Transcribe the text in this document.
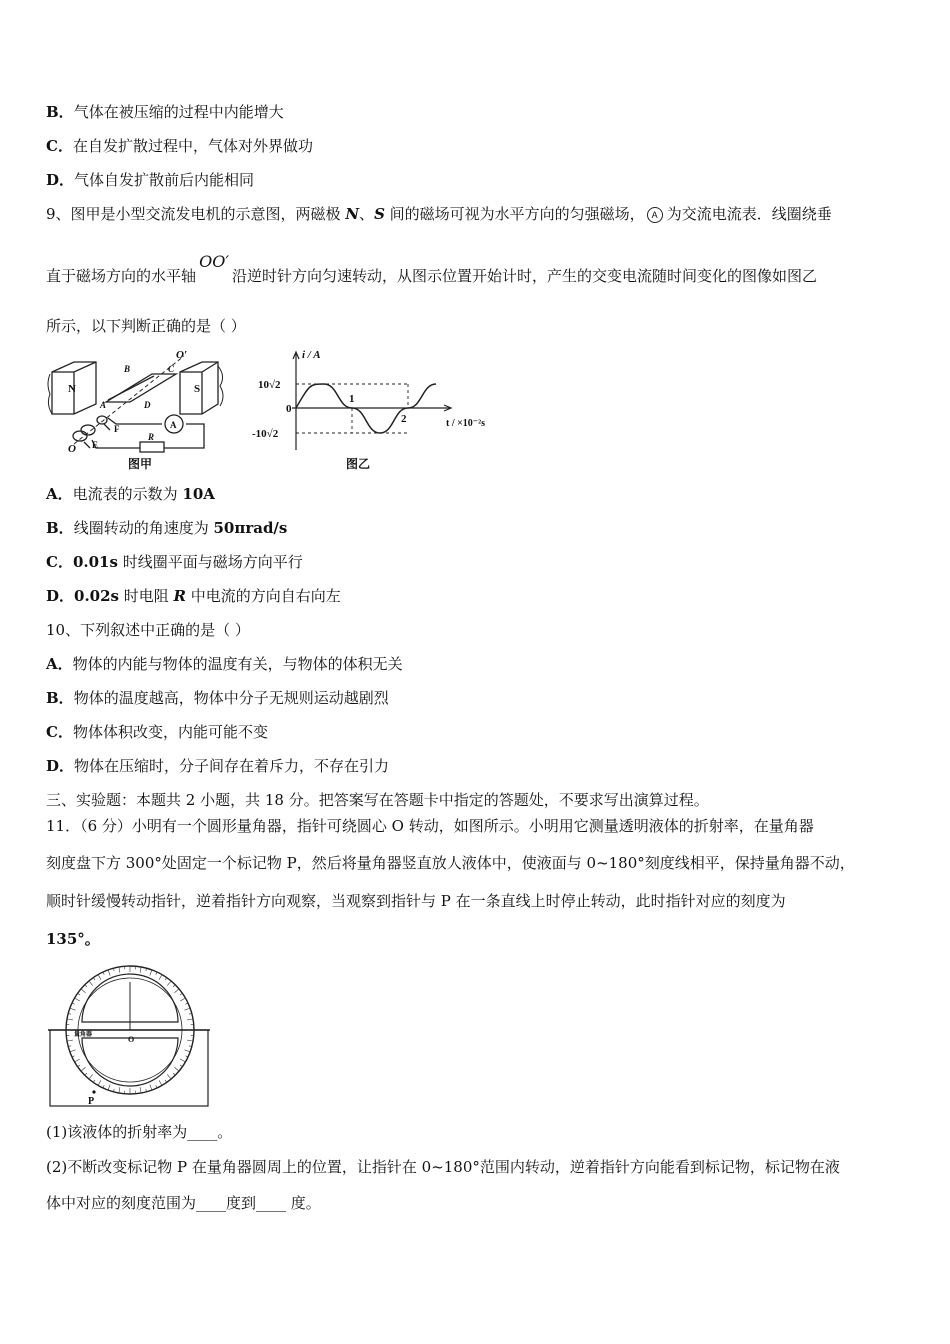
B．气体在被压缩的过程中内能增大
C．在自发扩散过程中，气体对外界做功
D．气体自发扩散前后内能相同
9、图甲是小型交流发电机的示意图，两磁极 N、S 间的磁场可视为水平方向的匀强磁场， A 为交流电流表．线圈绕垂
直于磁场方向的水平轴OO′沿逆时针方向匀速转动，从图示位置开始计时，产生的交变电流随时间变化的图像如图乙
所示，以下判断正确的是（ ）
N	S
O′
O
A
B	C
D
E
F
R
A
图甲
i / A
0
10√2
-10√2
1
2	t / ×10⁻²s
图乙
A．电流表的示数为 10A
B．线圈转动的角速度为 50πrad/s
C．0.01s 时线圈平面与磁场方向平行
D．0.02s 时电阻 R 中电流的方向自右向左
10、下列叙述中正确的是（ ）
A．物体的内能与物体的温度有关，与物体的体积无关
B．物体的温度越高，物体中分子无规则运动越剧烈
C．物体体积改变，内能可能不变
D．物体在压缩时，分子间存在着斥力，不存在引力
三、实验题：本题共 2 小题，共 18 分。把答案写在答题卡中指定的答题处，不要求写出演算过程。
11．（6 分）小明有一个圆形量角器，指针可绕圆心 O 转动，如图所示。小明用它测量透明液体的折射率，在量角器
刻度盘下方 300°处固定一个标记物 P，然后将量角器竖直放人液体中，使液面与 0~180°刻度线相平，保持量角器不动，
顺时针缓慢转动指针，逆着指针方向观察，当观察到指针与 P 在一条直线上时停止转动，此时指针对应的刻度为
135°。
O
P
量角器
(1)该液体的折射率为____。
(2)不断改变标记物 P 在量角器圆周上的位置，让指针在 0~180°范围内转动，逆着指针方向能看到标记物，标记物在液
体中对应的刻度范围为____度到____ 度。
